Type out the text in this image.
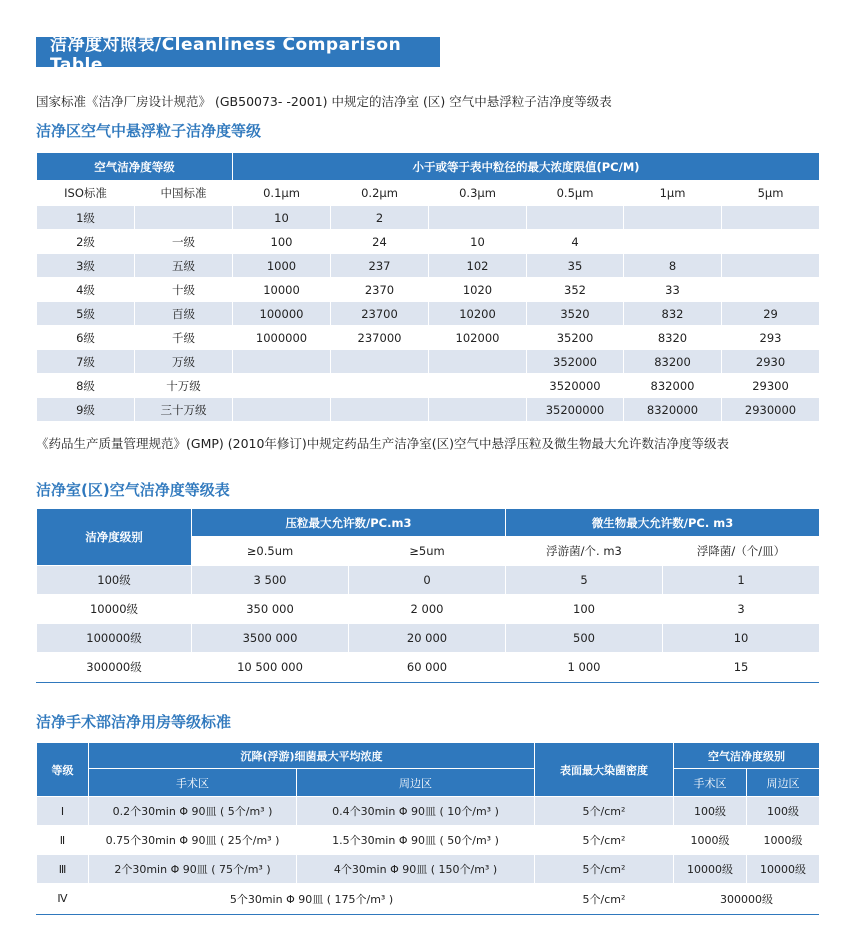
洁净度对照表/Cleanliness Comparison Table
国家标准《洁净厂房设计规范》 (GB50073- -2001) 中规定的洁净室 (区) 空气中悬浮粒子洁净度等级表
洁净区空气中悬浮粒子洁净度等级
空气洁净度等级		小于或等于表中粒径的最大浓度限值(PC/M)					
ISO标准	中国标准	0.1μm	0.2μm	0.3μm	0.5μm	1μm	5μm
1级		10	2				
2级	一级	100	24	10	4		
3级	五级	1000	237	102	35	8	
4级	十级	10000	2370	1020	352	33	
5级	百级	100000	23700	10200	3520	832	29
6级	千级	1000000	237000	102000	35200	8320	293
7级	万级				352000	83200	2930
8级	十万级				3520000	832000	29300
9级	三十万级				35200000	8320000	2930000
《药品生产质量管理规范》(GMP) (2010年修订)中规定药品生产洁净室(区)空气中悬浮压粒及微生物最大允许数洁净度等级表
洁净室(区)空气洁净度等级表
洁净度级别	压粒最大允许数/PC.m3		微生物最大允许数/PC. m3	
	≥0.5um	≥5um	浮游菌/个. m3	浮降菌/（个/皿）
100级	3 500	0	5	1
10000级	350 000	2 000	100	3
100000级	3500 000	20 000	500	10
300000级	10 500 000	60 000	1 000	15
洁净手术部洁净用房等级标准
等级	沉降(浮游)细菌最大平均浓度		表面最大染菌密度	空气洁净度级别	
	手术区	周边区		手术区	周边区
Ⅰ	0.2个30min Φ 90皿 ( 5个/m³ )	0.4个30min Φ 90皿 ( 10个/m³ )	5个/cm²	100级	100级
Ⅱ	0.75个30min Φ 90皿 ( 25个/m³ )	1.5个30min Φ 90皿 ( 50个/m³ )	5个/cm²	1000级	1000级
Ⅲ	2个30min Φ 90皿 ( 75个/m³ )	4个30min Φ 90皿 ( 150个/m³ )	5个/cm²	10000级	10000级
Ⅳ	5个30min Φ 90皿 ( 175个/m³ )		5个/cm²	300000级	
